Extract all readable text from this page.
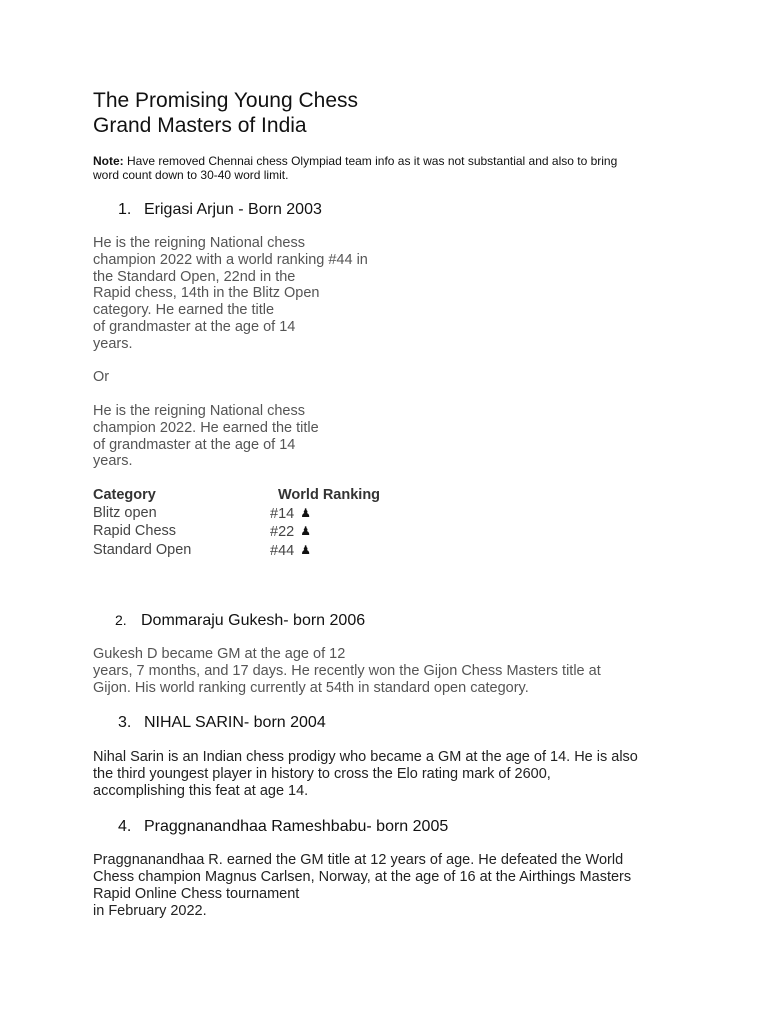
The Promising Young Chess
Grand Masters of India

Note: Have removed Chennai chess Olympiad team info as it was not substantial and also to bring
word count down to 30-40 word limit.

1. Erigasi Arjun - Born 2003

He is the reigning National chess
champion 2022 with a world ranking #44 in
the Standard Open, 22nd in the
Rapid chess, 14th in the Blitz Open
category. He earned the title
of grandmaster at the age of 14
years.

Or

He is the reigning National chess
champion 2022. He earned the title
of grandmaster at the age of 14
years.

Category	World Ranking
Blitz open	#14 ♟
Rapid Chess	#22 ♟
Standard Open	#44 ♟
2. Dommaraju Gukesh- born 2006

Gukesh D became GM at the age of 12
years, 7 months, and 17 days. He recently won the Gijon Chess Masters title at
Gijon. His world ranking currently at 54th in standard open category.

3. NIHAL SARIN- born 2004

Nihal Sarin is an Indian chess prodigy who became a GM at the age of 14. He is also
the third youngest player in history to cross the Elo rating mark of 2600,
accomplishing this feat at age 14.

4. Praggnanandhaa Rameshbabu- born 2005

Praggnanandhaa R. earned the GM title at 12 years of age. He defeated the World
Chess champion Magnus Carlsen, Norway, at the age of 16 at the Airthings Masters
Rapid Online Chess tournament
in February 2022.
